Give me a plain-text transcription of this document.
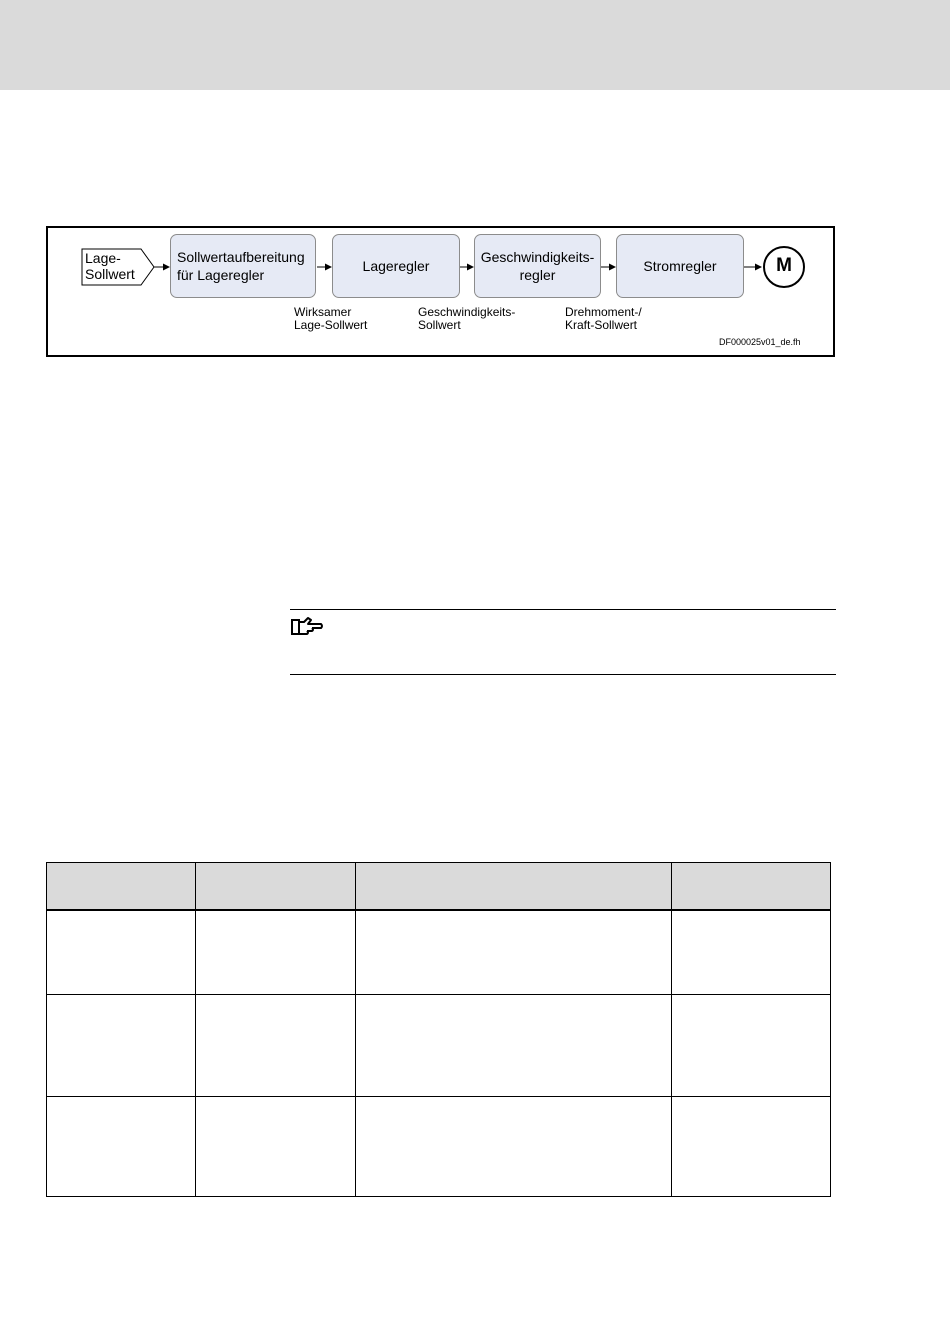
Lage-
Sollwert
Sollwertaufbereitung
für Lageregler
Lageregler
Geschwindigkeits-
regler
Stromregler	M
Wirksamer
Lage-Sollwert
Geschwindigkeits-
Sollwert
Drehmoment-/
Kraft-Sollwert
DF000025v01_de.fh
